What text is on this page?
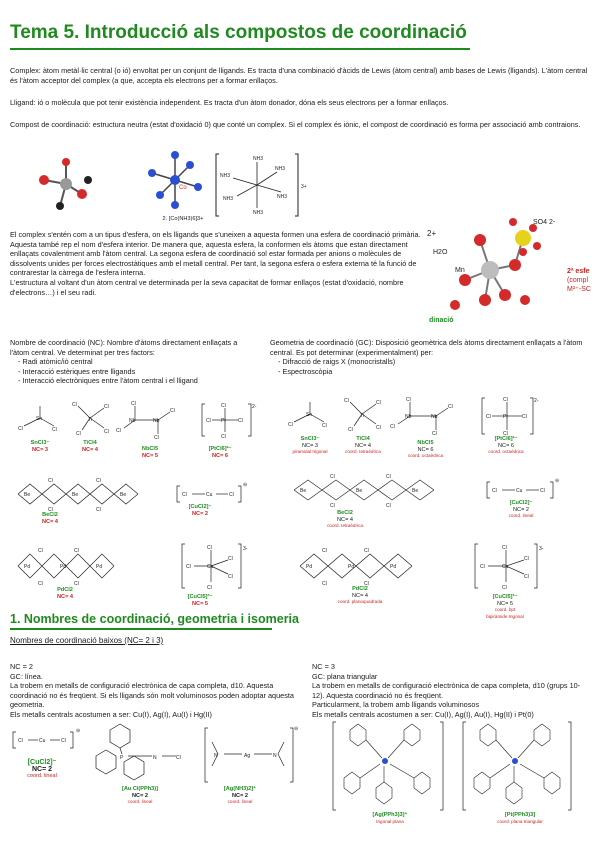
Tema 5. Introducció als compostos de coordinació
Complex: àtom metàl·lic central (o ió) envoltat per un conjunt de lligands. Es tracta d'una combinació d'àcids de Lewis (àtom central) amb bases de Lewis (lligands). L'àtom central és l'àtom acceptor del complex (a que, accepta els electrons per a formar enllaços.
Lligand: ió o molècula que pot tenir existència independent. Es tracta d'un àtom donador, dóna els seus electrons per a formar enllaços.
Compost de coordinació: estructura neutra (estat d'oxidació 0) que conté un complex. Si el complex és iònic, el compost de coordinació es forma per associació amb contraions.
Co
2. [Co(NH3)6]3+
NH3
NH3
NH3
NH3
NH3
NH3
3+
2+
H2O
Mn
SO4 2-
2ª esfe
(compl
M²⁺-SC
dinació
El complex s'entén com a un tipus d'esfera, on els lligands que s'uneixen a aquesta formen una esfera de coordinació primària. Aquesta també rep el nom d'esfera interior. De manera que, aquesta esfera, la conformen els àtoms que estan directament enllaçats covalentment amb l'àtom central. La segona esfera de coordinació sol estar formada per anions o molècules de dissolvents unides per forces electrostàtiques amb el metall central. Per tant, la segona esfera o esfera externa té la funció de contrarestar la càrrega de l'esfera interna.
L'estructura al voltant d'un àtom central ve determinada per la seva capacitat de formar enllaços (estat d'oxidació, nombre d'electrons…) i el seu radi.
Nombre de coordinació (NC): Nombre d'àtoms directament enllaçats a l'àtom central. Ve determinat per tres factors:
- Radi atòmic/iò central
- Interacció estèriques entre lligands
- Interacció electròniques entre l'àtom central i el lligand
Geometria de coordinació (GC): Disposició geomètrica dels àtoms directament enllaçats a l'àtom central. Es pot determinar (experimentalment) per:
- Difracció de raigs X (monocristalls)
- Espectroscòpia
Sn
Cl	Cl
Ti
Cl	Cl
Cl	Cl
Nb	Nb
Cl
Cl
Cl
Cl
Pt
Cl
Cl
Cl	Cl
2-
SnCl3⁻
NC= 3
TiCl4
NC= 4	NbCl5
NC= 5
[PtCl6]²⁻
NC= 6
Sn
Cl	Cl
Ti
Cl	Cl
Cl	Cl
Nb	Nb
Cl
Cl
Cl
Cl
Pt
Cl
Cl
Cl	Cl
2-
SnCl3⁻
NC= 3
piramidal trigonal
TiCl4
NC= 4
coord. tetraèdrica
NbCl5
NC= 6
coord. octaèdrica
[PtCl6]²⁻
NC= 6
coord. octaèdrica
Be	Be	Be
Cl	Cl
Cl	Cl
Cl	Cu	Cl
⊖
BeCl2
NC= 4
[CuCl2]⁻
NC= 2
Be	Be	Be
Cl	Cl
Cl	Cl
Cl	Cu	Cl
⊖
BeCl2
NC= 4
coord. tetraèdrica
[CuCl2]⁻
NC= 2
coord. lineal
Pd	Pd	Pd
Cl	Cl
Cl	Cl
Cu
Cl
Cl
Cl
Cl
Cl
3-
PdCl2
NC= 4	[CuCl5]³⁻
NC= 5
Pd	Pd	Pd
Cl	Cl
Cl	Cl
Cu
Cl
Cl
Cl
Cl
Cl
3-
PdCl2
NC= 4
coord. planoquadrada
[CuCl5]³⁻
NC= 5
coord. bpt
bipiràmide trigonal
1. Nombres de coordinació, geometria i isomeria
Nombres de coordinació baixos (NC= 2 i 3)
NC = 2
GC: línea.
La trobem en metalls de configuració electrònica de capa completa, d10. Aquesta coordinació no és freqüent. Si els lligands són molt voluminosos poden adoptar aquesta geometria.
Els metalls centrals acostumen a ser: Cu(I), Ag(I), Au(I) i Hg(II)
NC = 3
GC: plana triangular
La trobem en metalls de configuració electrònica de capa completa, d10 (grups 10-12). Aquesta coordinació no és freqüent.
Particularment, la trobem amb lligands voluminosos
Els metalls centrals acostumen a ser: Cu(I), Ag(I), Au(I), Hg(II) i Pt(0)
Cl	Cu	Cl
⊖
P	N	Cl	N	Ag	N
⊖
[CuCl2]⁻
NC= 2
coord. lineal
[Au Cl(PPh3)]
NC= 2
coord. lineal
[Ag(NH3)2]⁺
NC= 2
coord. lineal
[Ag(PPh3)3]⁺
trigonal plana
[Pt(PPh3)3]
coord. plana triangular
